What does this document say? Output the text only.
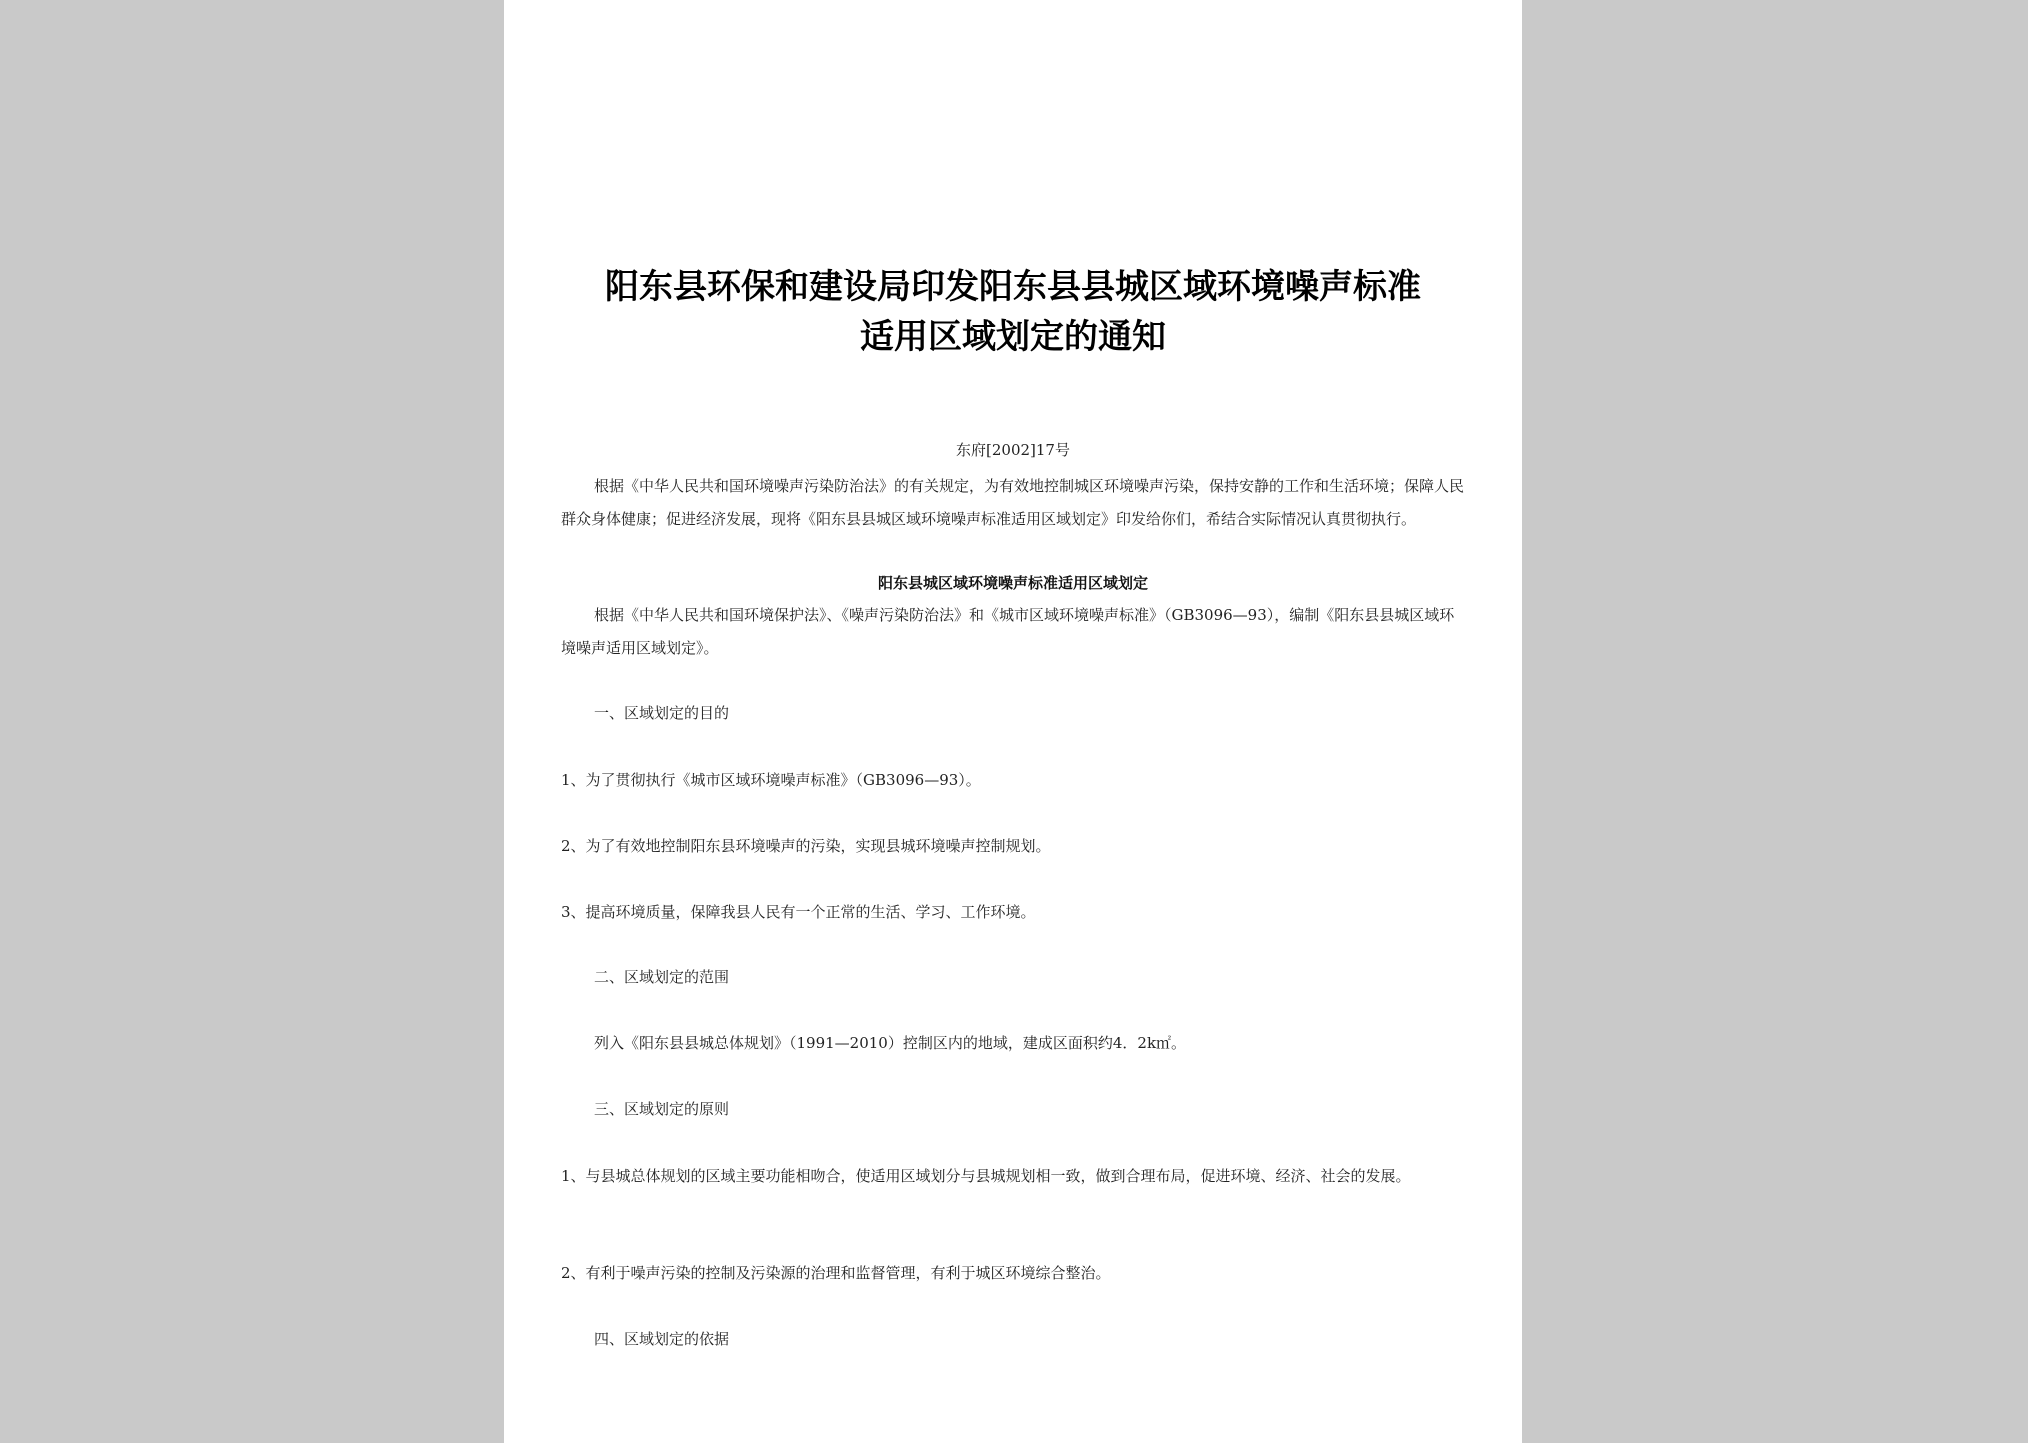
阳东县环保和建设局印发阳东县县城区域环境噪声标准
适用区域划定的通知
东府[2002]17号

根据《中华人民共和国环境噪声污染防治法》的有关规定，为有效地控制城区环境噪声污染，保持安静的工作和生活环境；保障人民群众身体健康；促进经济发展，现将《阳东县县城区域环境噪声标准适用区域划定》印发给你们，希结合实际情况认真贯彻执行。

阳东县城区域环境噪声标准适用区域划定

根据《中华人民共和国环境保护法》、《噪声污染防治法》和《城市区域环境噪声标准》（GB3096—93），编制《阳东县县城区域环境噪声适用区域划定》。

一、区域划定的目的

1、为了贯彻执行《城市区域环境噪声标准》（GB3096—93）。

2、为了有效地控制阳东县环境噪声的污染，实现县城环境噪声控制规划。

3、提高环境质量，保障我县人民有一个正常的生活、学习、工作环境。

二、区域划定的范围
列入《阳东县县城总体规划》（1991—2010）控制区内的地域，建成区面积约4．2k㎡。
三、区域划定的原则

1、与县城总体规划的区域主要功能相吻合，使适用区域划分与县城规划相一致，做到合理布局，促进环境、经济、社会的发展。

2、有利于噪声污染的控制及污染源的治理和监督管理，有利于城区环境综合整治。

四、区域划定的依据
